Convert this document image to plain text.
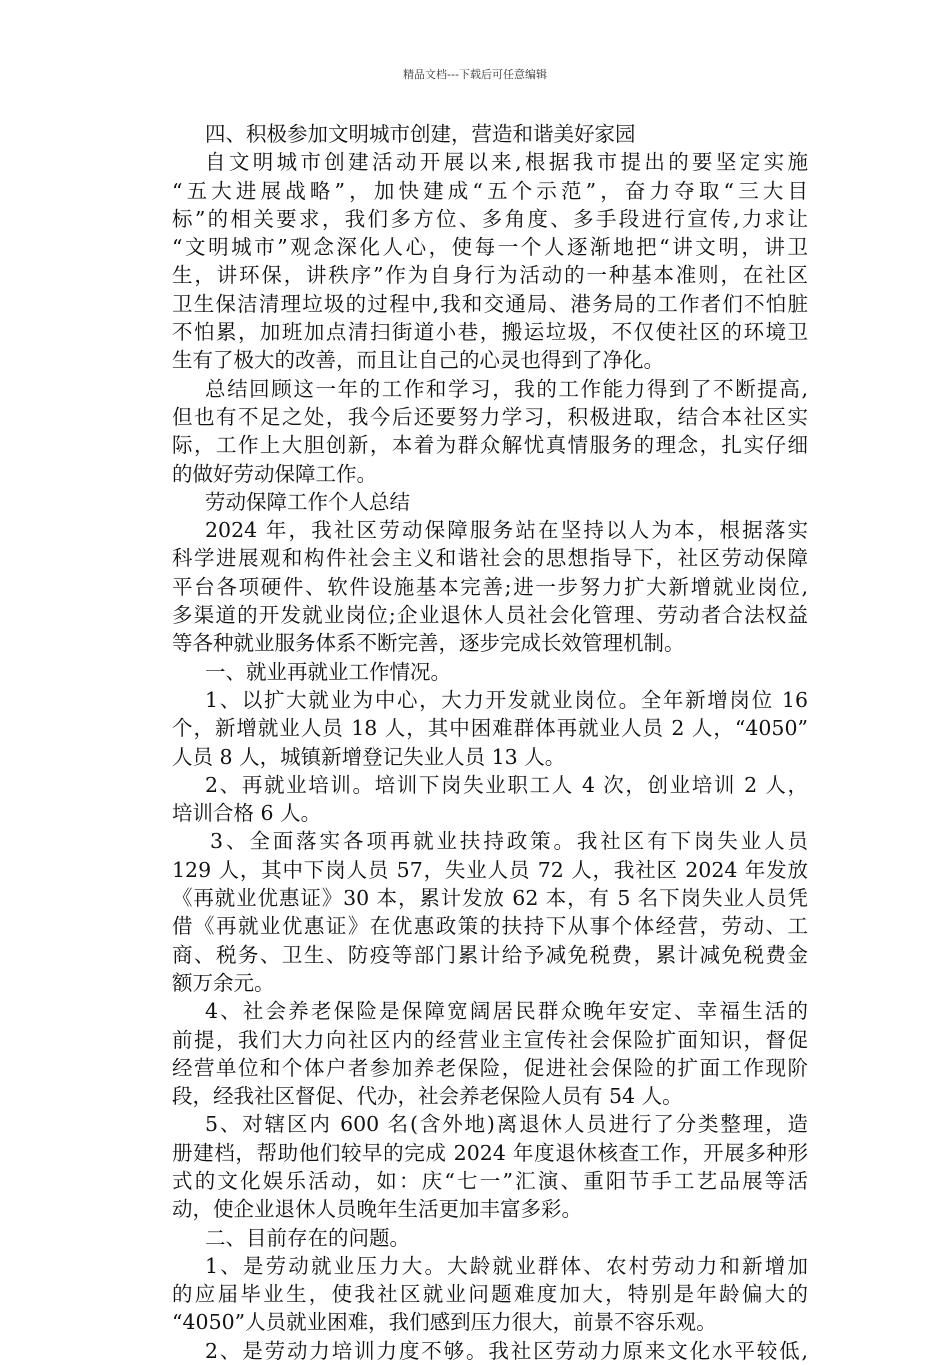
精品文档---下载后可任意编辑
四、积极参加文明城市创建，营造和谐美好家园
自文明城市创建活动开展以来,根据我市提出的要坚定实施
“五大进展战略”，加快建成“五个示范”，奋力夺取“三大目
标”的相关要求，我们多方位、多角度、多手段进行宣传,力求让
“文明城市”观念深化人心，使每一个人逐渐地把“讲文明，讲卫
生，讲环保，讲秩序”作为自身行为活动的一种基本准则，在社区
卫生保洁清理垃圾的过程中,我和交通局、港务局的工作者们不怕脏
不怕累，加班加点清扫街道小巷，搬运垃圾，不仅使社区的环境卫
生有了极大的改善，而且让自己的心灵也得到了净化。
总结回顾这一年的工作和学习，我的工作能力得到了不断提高,
但也有不足之处，我今后还要努力学习，积极进取，结合本社区实
际，工作上大胆创新，本着为群众解忧真情服务的理念，扎实仔细
的做好劳动保障工作。
劳动保障工作个人总结
2024 年，我社区劳动保障服务站在坚持以人为本，根据落实
科学进展观和构件社会主义和谐社会的思想指导下，社区劳动保障
平台各项硬件、软件设施基本完善;进一步努力扩大新增就业岗位,
多渠道的开发就业岗位;企业退休人员社会化管理、劳动者合法权益
等各种就业服务体系不断完善，逐步完成长效管理机制。
一、就业再就业工作情况。
1、以扩大就业为中心，大力开发就业岗位。全年新增岗位 16
个，新增就业人员 18 人，其中困难群体再就业人员 2 人，“4050”
人员 8 人，城镇新增登记失业人员 13 人。
2、再就业培训。培训下岗失业职工人 4 次，创业培训 2 人，
培训合格 6 人。
3、全面落实各项再就业扶持政策。我社区有下岗失业人员
129 人，其中下岗人员 57，失业人员 72 人，我社区 2024 年发放
《再就业优惠证》30 本，累计发放 62 本，有 5 名下岗失业人员凭
借《再就业优惠证》在优惠政策的扶持下从事个体经营，劳动、工
商、税务、卫生、防疫等部门累计给予减免税费，累计减免税费金
额万余元。
4、社会养老保险是保障宽阔居民群众晚年安定、幸福生活的
前提，我们大力向社区内的经营业主宣传社会保险扩面知识，督促
经营单位和个体户者参加养老保险，促进社会保险的扩面工作现阶
段，经我社区督促、代办，社会养老保险人员有 54 人。
5、对辖区内 600 名(含外地)离退休人员进行了分类整理，造
册建档，帮助他们较早的完成 2024 年度退休核查工作，开展多种形
式的文化娱乐活动，如：庆“七一”汇演、重阳节手工艺品展等活
动，使企业退休人员晚年生活更加丰富多彩。
二、目前存在的问题。
1、是劳动就业压力大。大龄就业群体、农村劳动力和新增加
的应届毕业生，使我社区就业问题难度加大，特别是年龄偏大的
“4050”人员就业困难，我们感到压力很大，前景不容乐观。
2、是劳动力培训力度不够。我社区劳动力原来文化水平较低,
